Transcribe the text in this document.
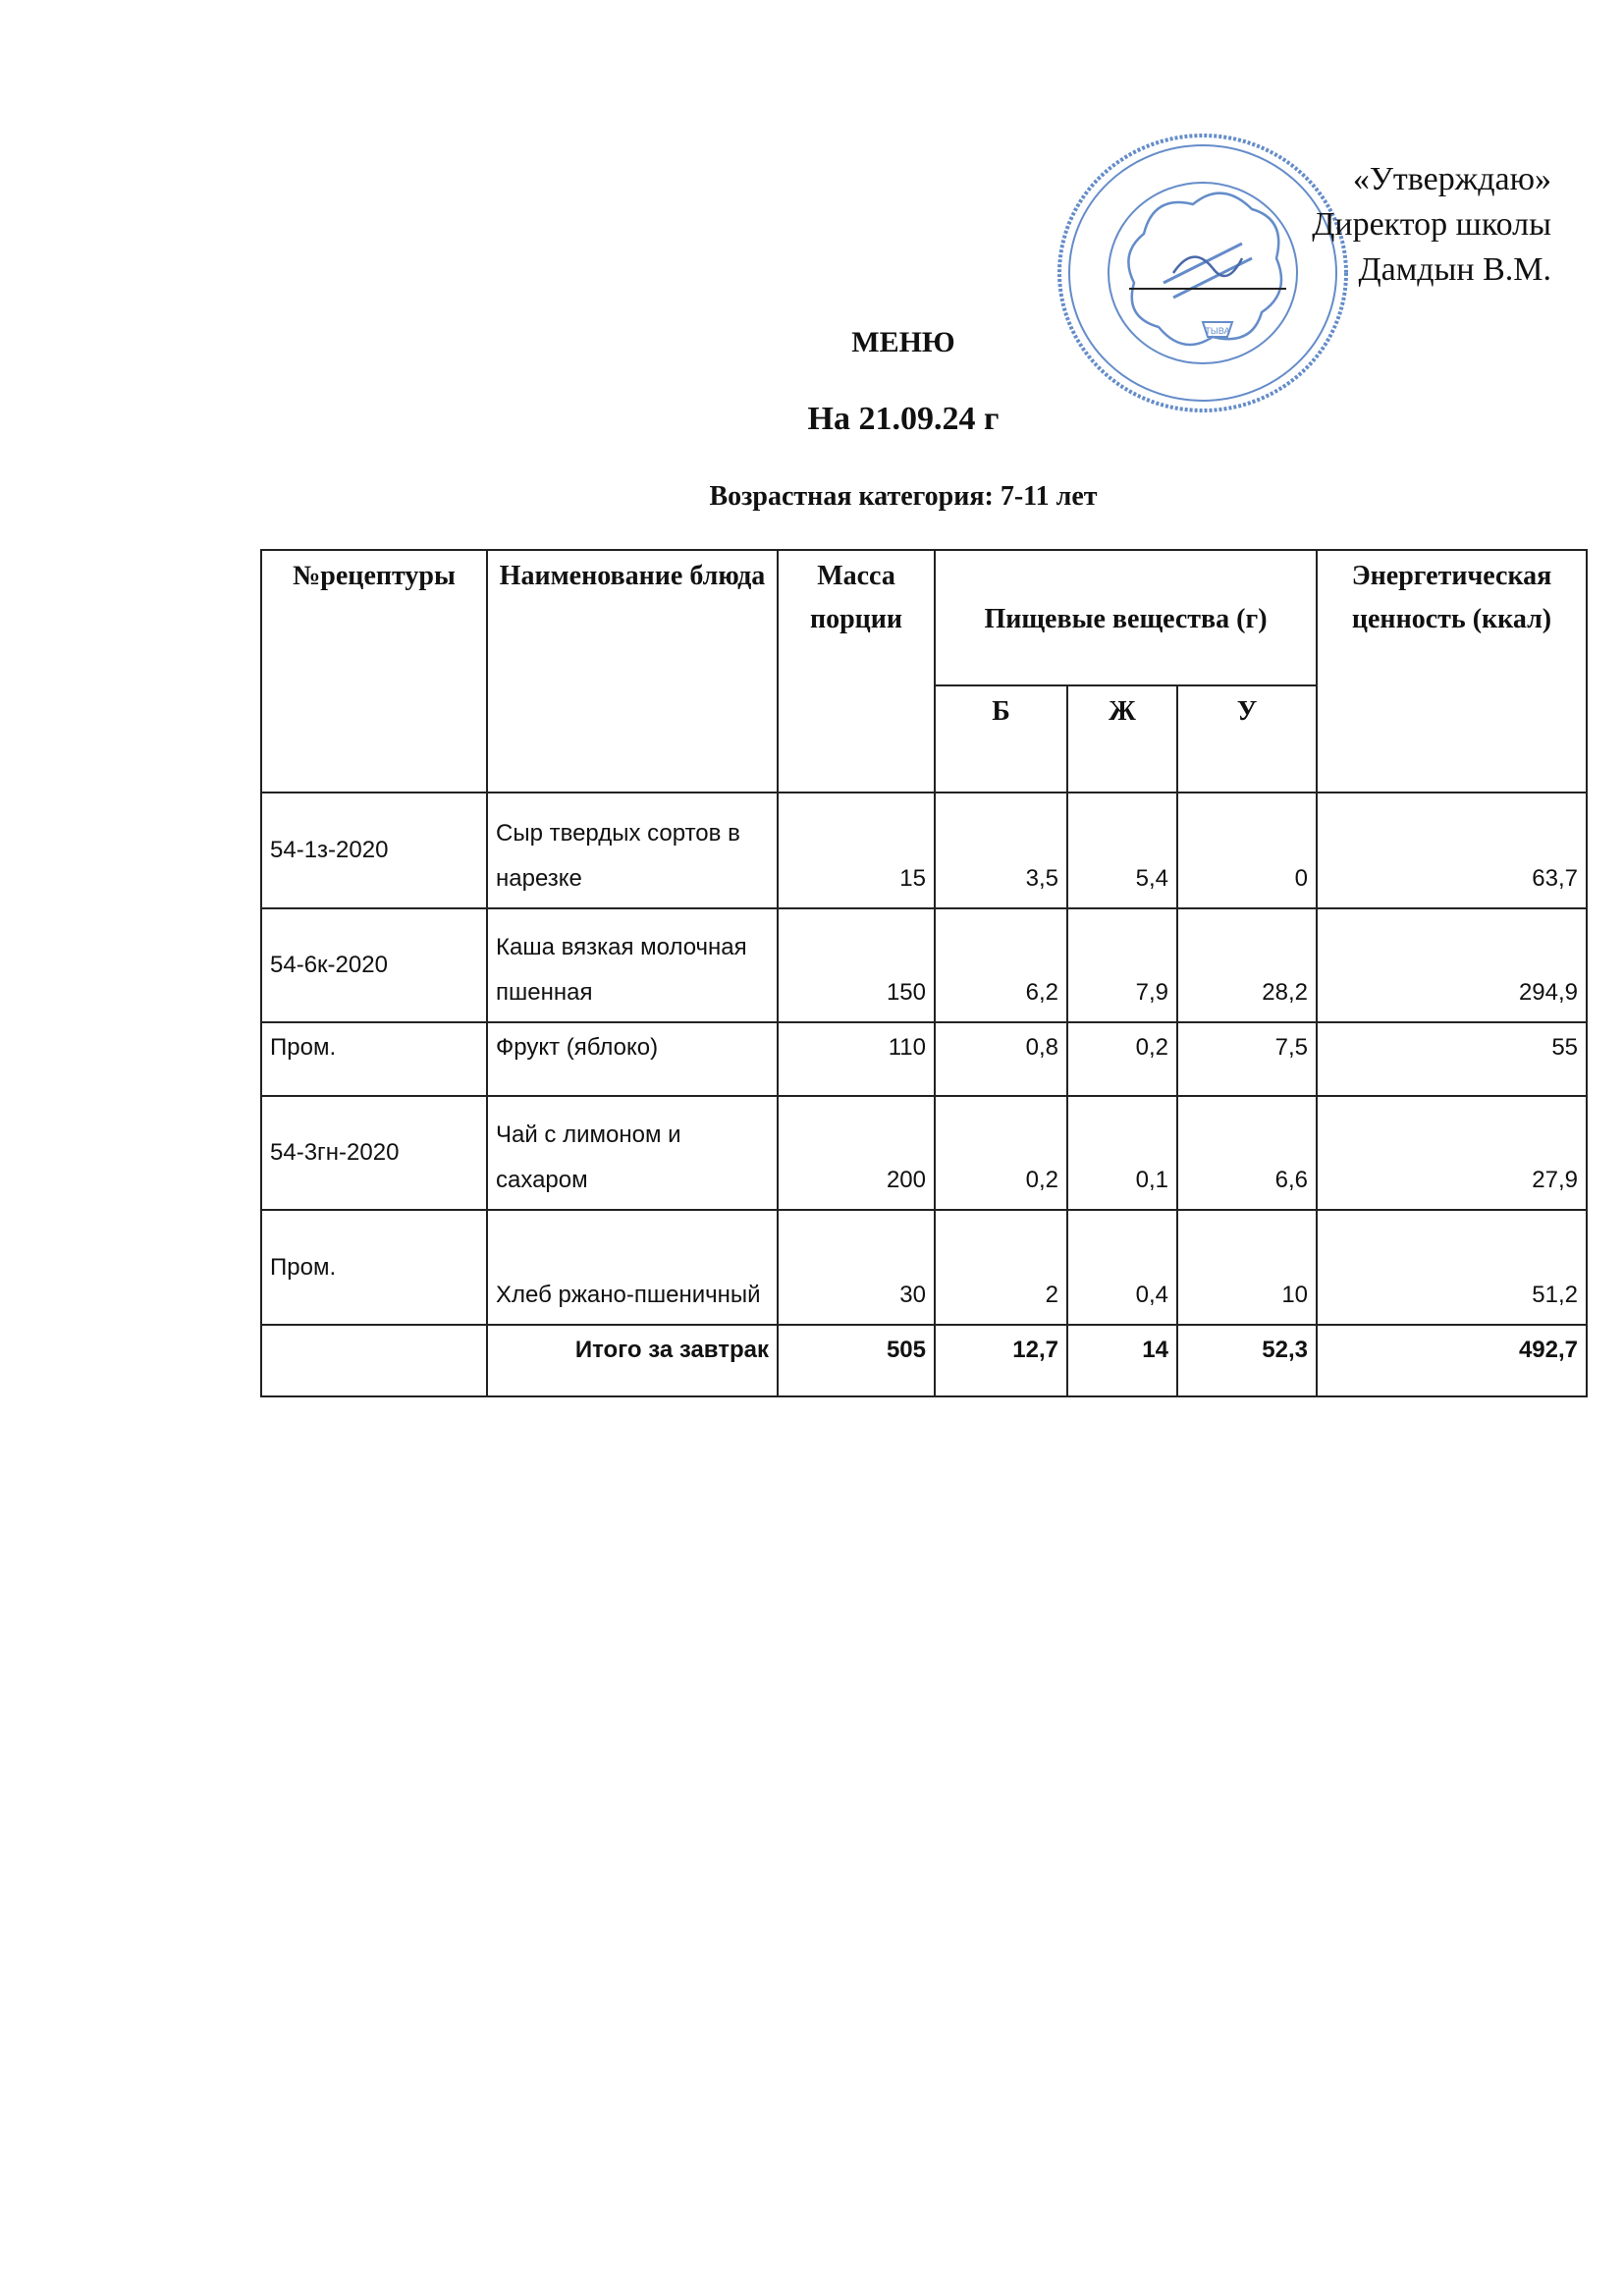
ТЫВА
«Утверждаю»
Директор школы
Дамдын В.М.
МЕНЮ
На 21.09.24 г
Возрастная категория: 7-11 лет
№рецептуры	Наименование блюда	Масса порции	Пищевые вещества (г)			Энергетическая ценность (ккал)
			Б	Ж	У	
54-1з-2020	Сыр твердых сортов в нарезке	15	3,5	5,4	0	63,7
54-6к-2020	Каша вязкая молочная пшенная	150	6,2	7,9	28,2	294,9
Пром.	Фрукт (яблоко)	110	0,8	0,2	7,5	55
54-3гн-2020	Чай с лимоном и сахаром	200	0,2	0,1	6,6	27,9
Пром.	Хлеб ржано-пшеничный	30	2	0,4	10	51,2
	Итого за завтрак	505	12,7	14	52,3	492,7
